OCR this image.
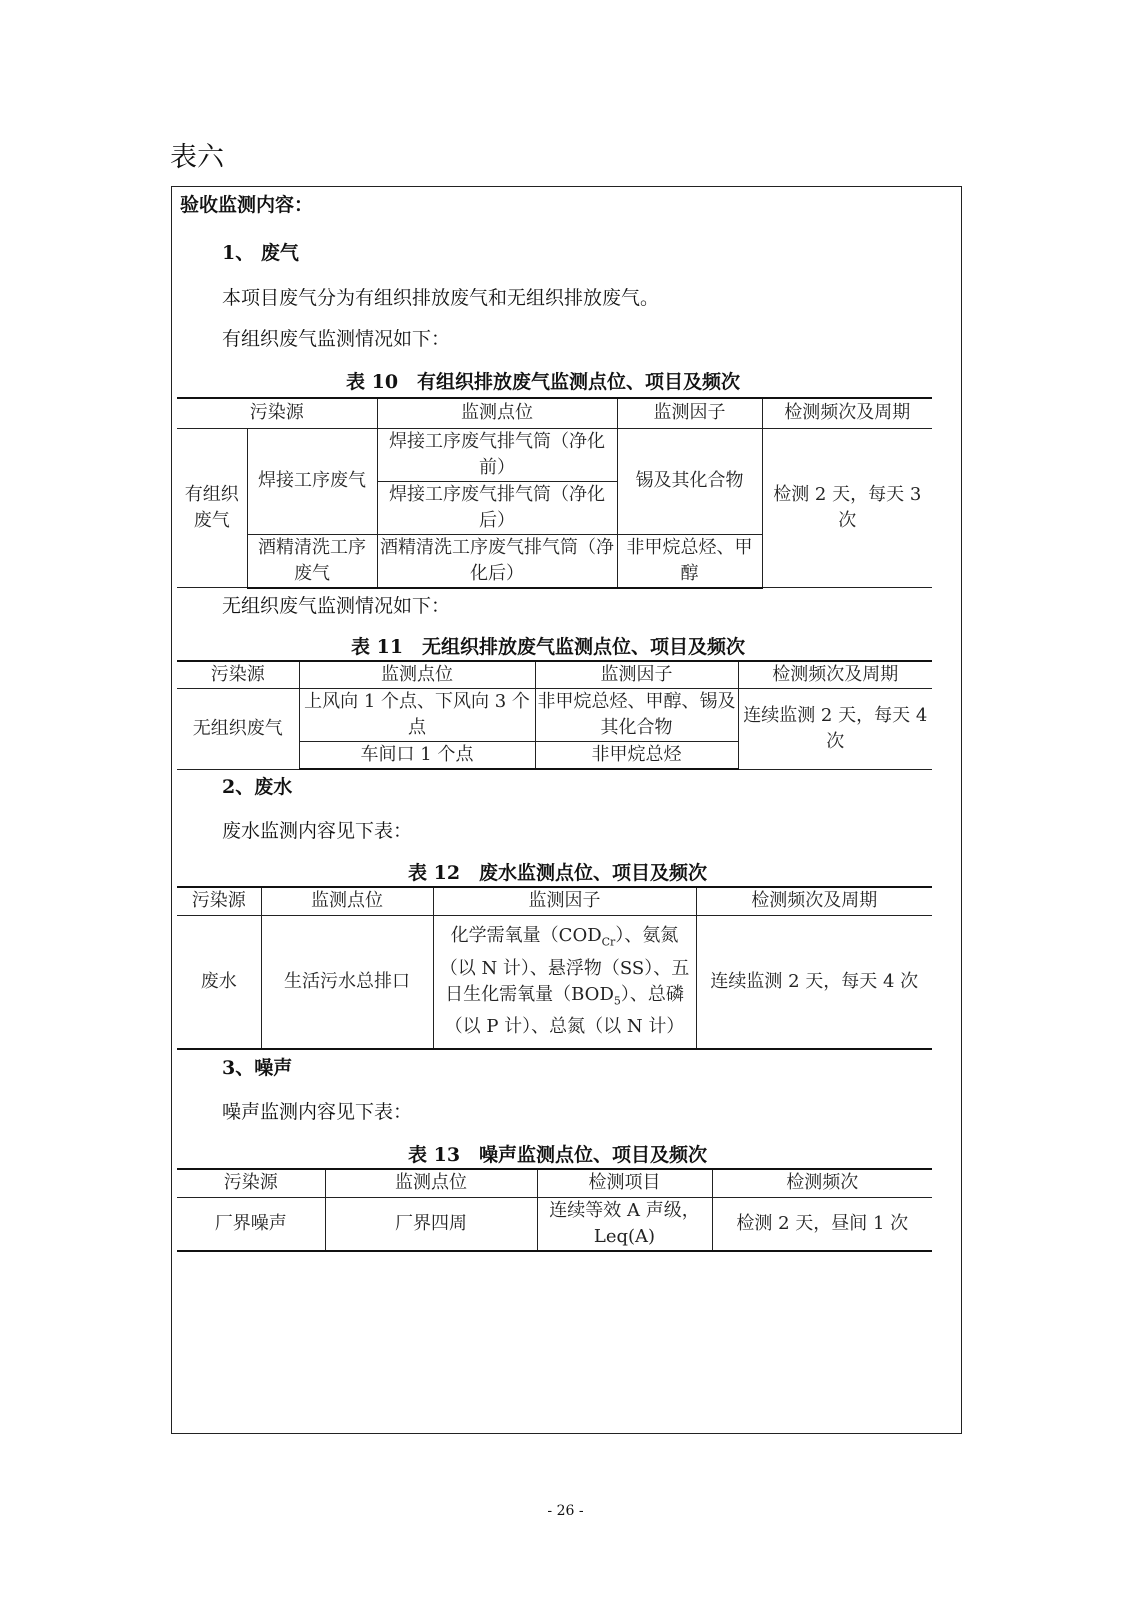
表六
验收监测内容：
1、 废气
本项目废气分为有组织排放废气和无组织排放废气。
有组织废气监测情况如下：
表 10　有组织排放废气监测点位、项目及频次
污染源		监测点位	监测因子	检测频次及周期
有组织废气	焊接工序废气	焊接工序废气排气筒（净化前）	锡及其化合物	检测 2 天，每天 3 次
		焊接工序废气排气筒（净化后）		
	酒精清洗工序废气	酒精清洗工序废气排气筒（净化后）	非甲烷总烃、甲醇	
无组织废气监测情况如下：
表 11　无组织排放废气监测点位、项目及频次
污染源	监测点位	监测因子	检测频次及周期
无组织废气	上风向 1 个点、下风向 3 个点	非甲烷总烃、甲醇、锡及其化合物	连续监测 2 天，每天 4 次
	车间口 1 个点	非甲烷总烃	
2、废水
废水监测内容见下表：
表 12　废水监测点位、项目及频次
污染源	监测点位	监测因子	检测频次及周期
废水	生活污水总排口	化学需氧量$(COD_{Cr})$、氨氮（以 N 计）、悬浮物（SS）、五日生化需氧量$(BOD_5)$、总磷（以 P 计）、总氮（以 N 计）	连续监测 2 天，每天 4 次
3、噪声
噪声监测内容见下表：
表 13　噪声监测点位、项目及频次
污染源	监测点位	检测项目	检测频次
厂界噪声	厂界四周	连续等效 A 声级，Leq(A)	检测 2 天，昼间 1 次
- 26 -
